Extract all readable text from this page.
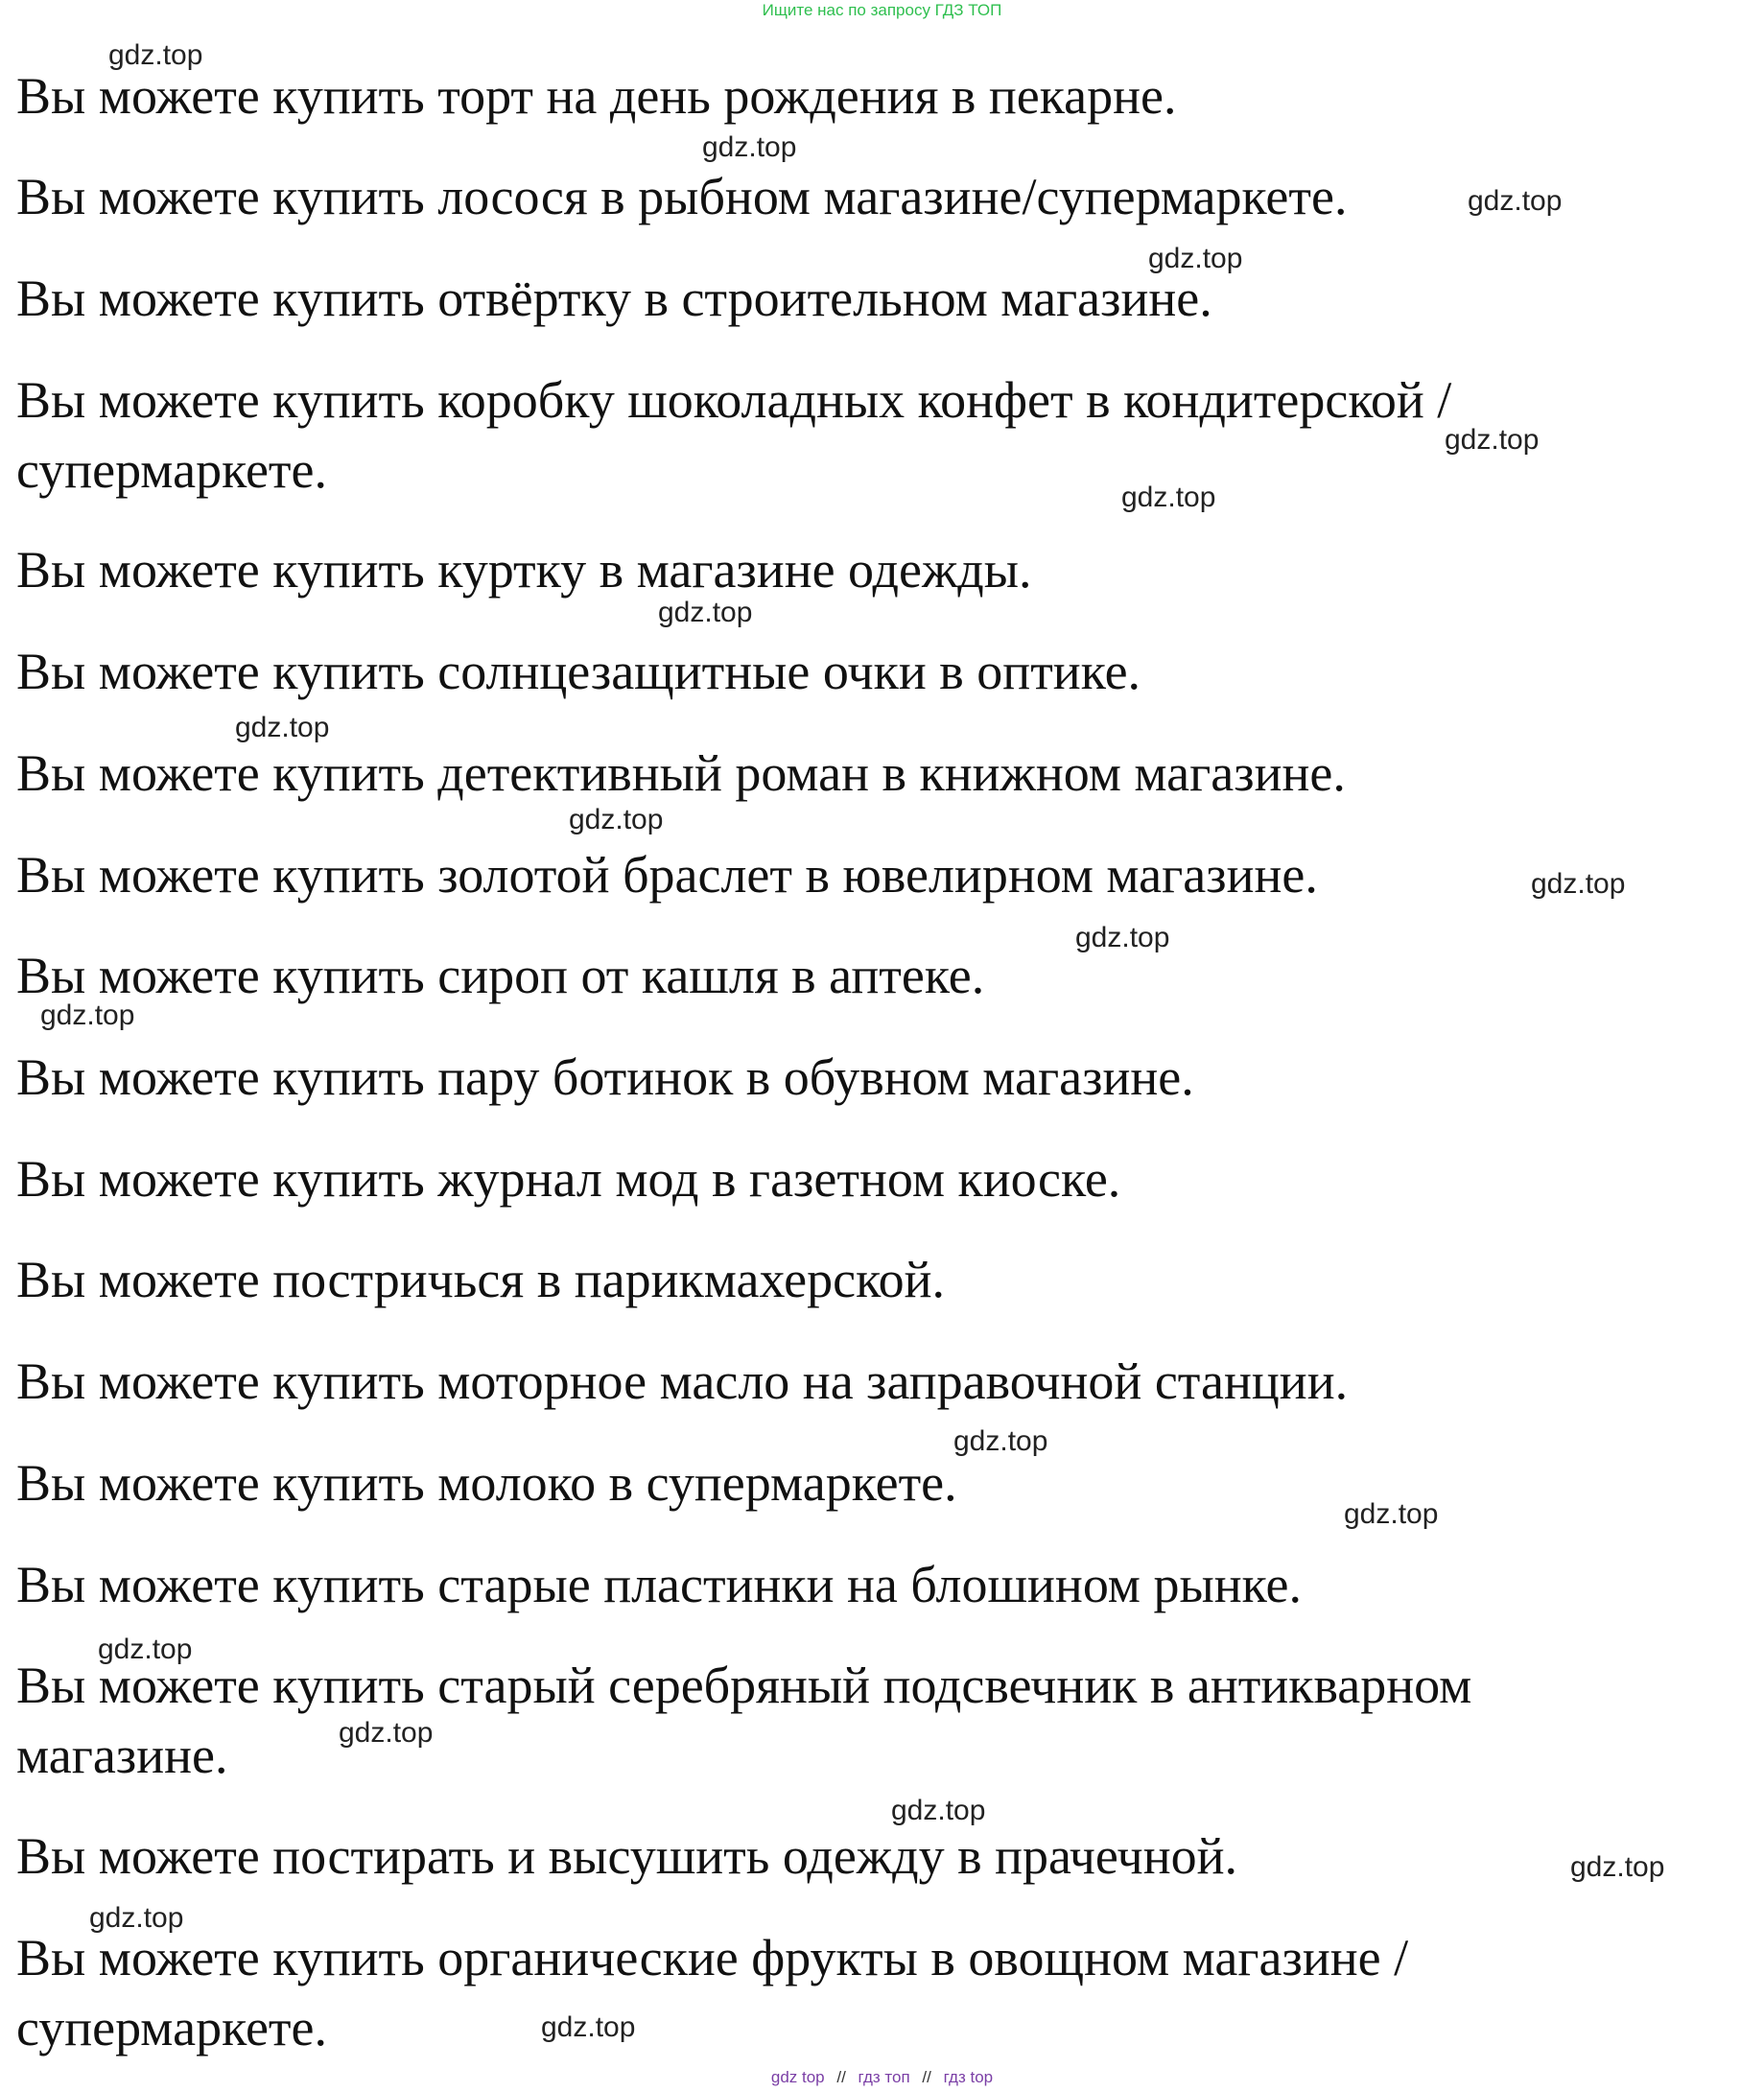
Ищите нас по запросу ГДЗ ТОП

Вы можете купить торт на день рождения в пекарне.

Вы можете купить лосося в рыбном магазине/супермаркете.

Вы можете купить отвёртку в строительном магазине.

Вы можете купить коробку шоколадных конфет в кондитерской /

супермаркете.

Вы можете купить куртку в магазине одежды.

Вы можете купить солнцезащитные очки в оптике.

Вы можете купить детективный роман в книжном магазине.

Вы можете купить золотой браслет в ювелирном магазине.

Вы можете купить сироп от кашля в аптеке.

Вы можете купить пару ботинок в обувном магазине.

Вы можете купить журнал мод в газетном киоске.

Вы можете постричься в парикмахерской.

Вы можете купить моторное масло на заправочной станции.

Вы можете купить молоко в супермаркете.

Вы можете купить старые пластинки на блошином рынке.

Вы можете купить старый серебряный подсвечник в антикварном

магазине.

Вы можете постирать и высушить одежду в прачечной.

Вы можете купить органические фрукты в овощном магазине /

супермаркете.

gdz.top
gdz.top
gdz.top
gdz.top
gdz.top
gdz.top
gdz.top
gdz.top
gdz.top
gdz.top
gdz.top
gdz.top
gdz.top
gdz.top
gdz.top
gdz.top
gdz.top
gdz.top
gdz.top
gdz.top
gdz top // гдз топ // гдз top
